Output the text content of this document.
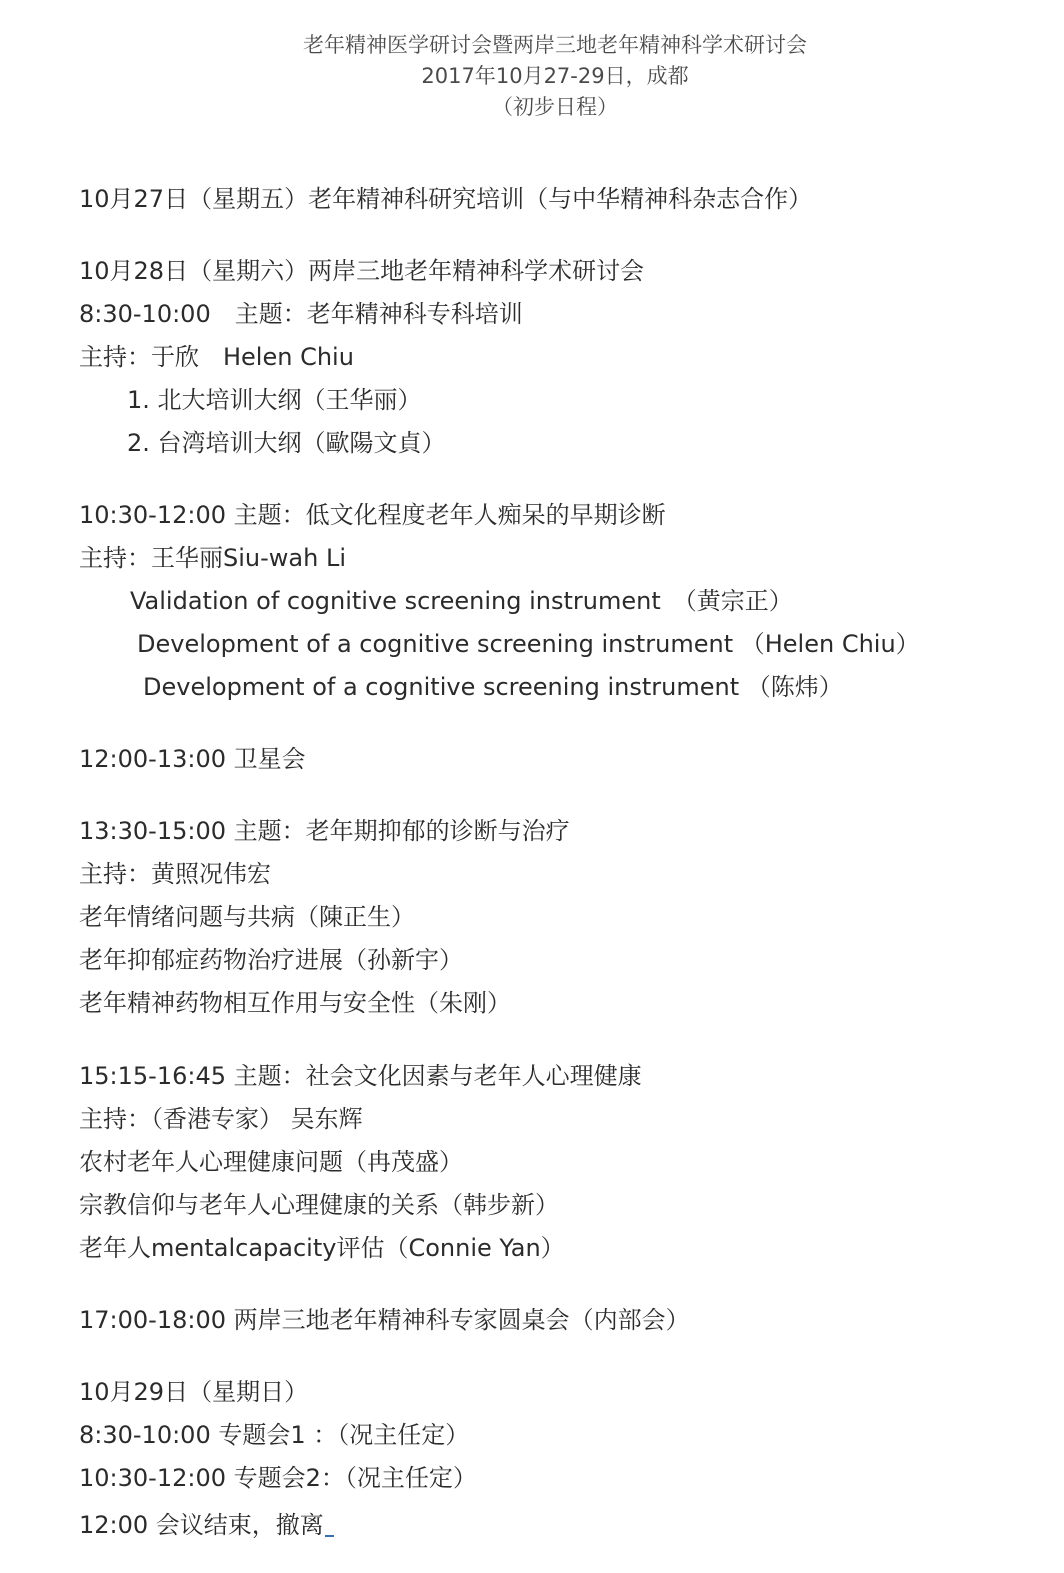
老年精神医学研讨会暨两岸三地老年精神科学术研讨会
2017年10月27-29日，成都
（初步日程）
10月27日（星期五）老年精神科研究培训（与中华精神科杂志合作）
10月28日（星期六）两岸三地老年精神科学术研讨会
8:30-10:00　主题：老年精神科专科培训
主持：于欣　Helen Chiu
1. 北大培训大纲（王华丽）
2. 台湾培训大纲（歐陽文貞）
10:30-12:00 主题：低文化程度老年人痴呆的早期诊断
主持：王华丽Siu-wah Li
Validation of cognitive screening instrument　（黄宗正）
Development of a cognitive screening instrument （Helen Chiu）
Development of a cognitive screening instrument （陈炜）
12:00-13:00 卫星会
13:30-15:00 主题：老年期抑郁的诊断与治疗
主持：黄照况伟宏
老年情绪问题与共病（陳正生）
老年抑郁症药物治疗进展（孙新宇）
老年精神药物相互作用与安全性（朱刚）
15:15-16:45 主题：社会文化因素与老年人心理健康
主持：（香港专家） 吴东辉
农村老年人心理健康问题（冉茂盛）
宗教信仰与老年人心理健康的关系（韩步新）
老年人mentalcapacity评估（Connie Yan）
17:00-18:00 两岸三地老年精神科专家圆桌会（内部会）
10月29日（星期日）
8:30-10:00 专题会1 ：（况主任定）
10:30-12:00 专题会2：（况主任定）
12:00 会议结束，撤离
